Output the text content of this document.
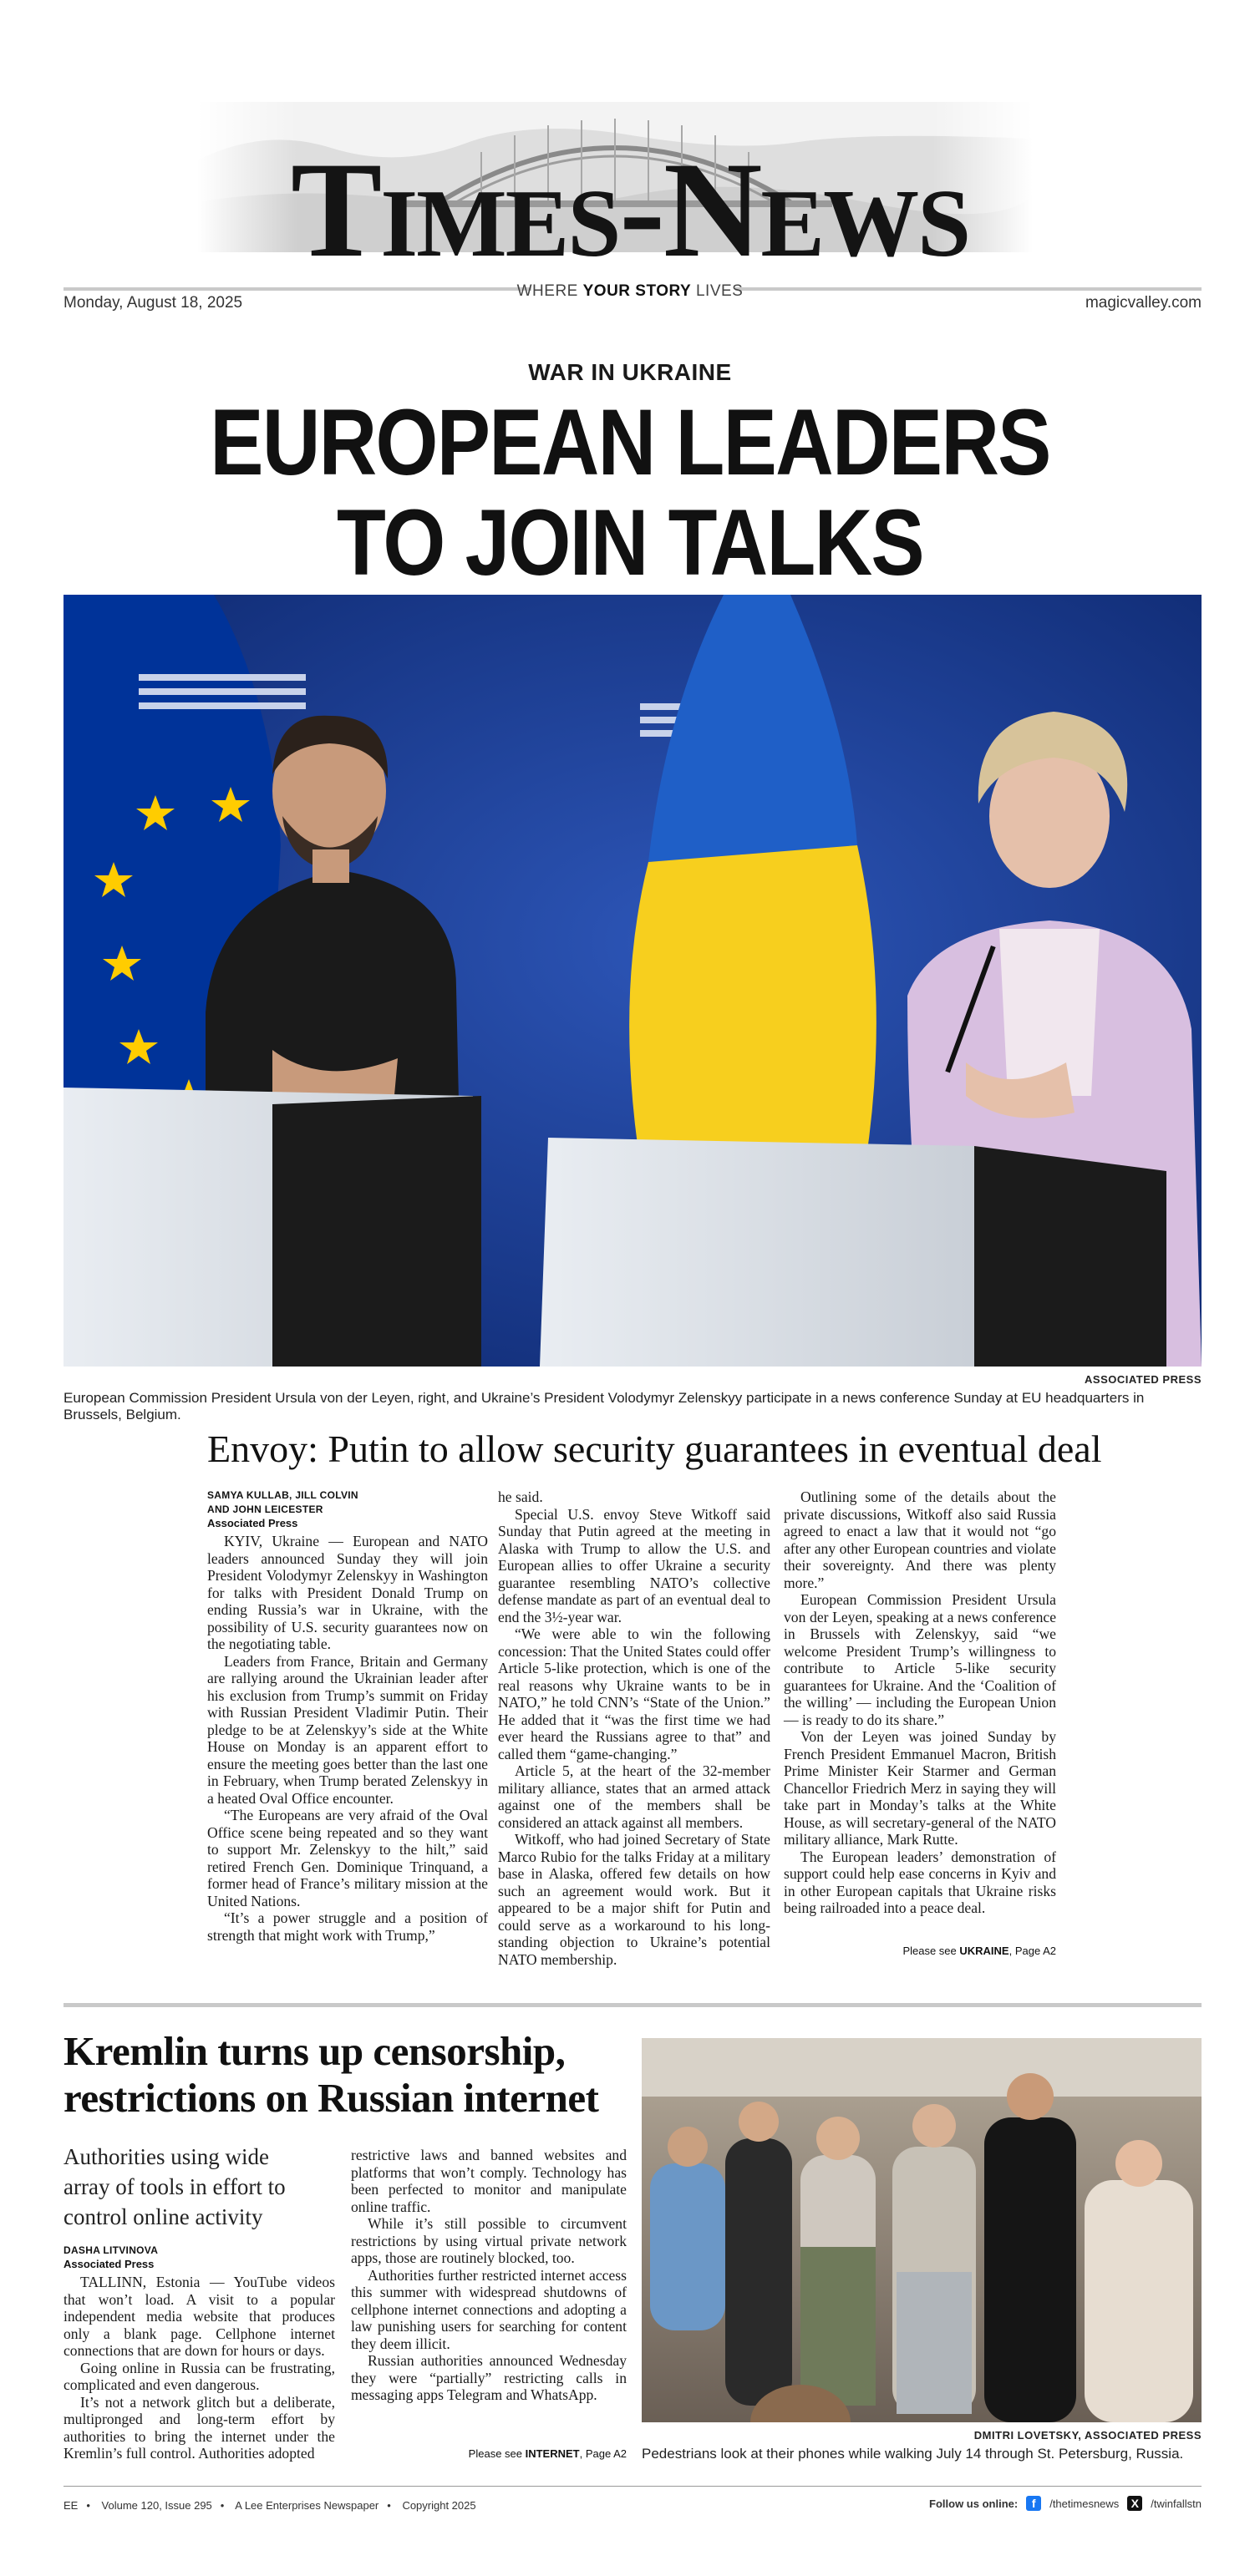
Times-News
Monday, August 18, 2025
WHERE YOUR STORY LIVES
magicvalley.com
WAR IN UKRAINE
EUROPEAN LEADERS
TO JOIN TALKS
ASSOCIATED PRESS
European Commission President Ursula von der Leyen, right, and Ukraine’s President Volodymyr Zelenskyy participate in a news conference Sunday at EU headquarters in Brussels, Belgium.
Envoy: Putin to allow security guarantees in eventual deal
SAMYA KULLAB, JILL COLVIN
AND JOHN LEICESTER
Associated Press

KYIV, Ukraine — European and NATO leaders announced Sunday they will join President Volodymyr Zelenskyy in Washington for talks with President Donald Trump on ending Russia’s war in Ukraine, with the possibility of U.S. security guarantees now on the negotiating table.

Leaders from France, Britain and Germany are rallying around the Ukrainian leader after his exclusion from Trump’s summit on Friday with Russian President Vladimir Putin. Their pledge to be at Zelenskyy’s side at the White House on Monday is an apparent effort to ensure the meeting goes better than the last one in February, when Trump berated Zelenskyy in a heated Oval Office encounter.

“The Europeans are very afraid of the Oval Office scene being repeated and so they want to support Mr. Zelenskyy to the hilt,” said retired French Gen. Dominique Trinquand, a former head of France’s military mission at the United Nations.

“It’s a power struggle and a position of strength that might work with Trump,”

he said.

Special U.S. envoy Steve Witkoff said Sunday that Putin agreed at the meeting in Alaska with Trump to allow the U.S. and European allies to offer Ukraine a security guarantee resembling NATO’s collective defense mandate as part of an eventual deal to end the 3½-year war.

“We were able to win the following concession: That the United States could offer Article 5-like protection, which is one of the real reasons why Ukraine wants to be in NATO,” he told CNN’s “State of the Union.” He added that it “was the first time we had ever heard the Russians agree to that” and called them “game-changing.”

Article 5, at the heart of the 32-member military alliance, states that an armed attack against one of the members shall be considered an attack against all members.

Witkoff, who had joined Secretary of State Marco Rubio for the talks Friday at a military base in Alaska, offered few details on how such an agreement would work. But it appeared to be a major shift for Putin and could serve as a workaround to his long-standing objection to Ukraine’s potential NATO membership.

Outlining some of the details about the private discussions, Witkoff also said Russia agreed to enact a law that it would not “go after any other European countries and violate their sovereignty. And there was plenty more.”

European Commission President Ursula von der Leyen, speaking at a news conference in Brussels with Zelenskyy, said “we welcome President Trump’s willingness to contribute to Article 5-like security guarantees for Ukraine. And the ‘Coalition of the willing’ — including the European Union — is ready to do its share.”

Von der Leyen was joined Sunday by French President Emmanuel Macron, British Prime Minister Keir Starmer and German Chancellor Friedrich Merz in saying they will take part in Monday’s talks at the White House, as will secretary-general of the NATO military alliance, Mark Rutte.

The European leaders’ demonstration of support could help ease concerns in Kyiv and in other European capitals that Ukraine risks being railroaded into a peace deal.

Please see UKRAINE, Page A2
Kremlin turns up censorship, restrictions on Russian internet
Authorities using wide array of tools in effort to control online activity
DASHA LITVINOVA
Associated Press

TALLINN, Estonia — YouTube videos that won’t load. A visit to a popular independent media website that produces only a blank page. Cellphone internet connections that are down for hours or days.

Going online in Russia can be frustrating, complicated and even dangerous.

It’s not a network glitch but a deliberate, multipronged and long-term effort by authorities to bring the internet under the Kremlin’s full control. Authorities adopted

restrictive laws and banned websites and platforms that won’t comply. Technology has been perfected to monitor and manipulate online traffic.

While it’s still possible to circumvent restrictions by using virtual private network apps, those are routinely blocked, too.

Authorities further restricted internet access this summer with widespread shutdowns of cellphone internet connections and adopting a law punishing users for searching for content they deem illicit.

Russian authorities announced Wednesday they were “partially” restricting calls in messaging apps Telegram and WhatsApp.

Please see INTERNET, Page A2
DMITRI LOVETSKY, ASSOCIATED PRESS
Pedestrians look at their phones while walking July 14 through St. Petersburg, Russia.
EE • Volume 120, Issue 295 • A Lee Enterprises Newspaper • Copyright 2025	Follow us online:	f	/thetimesnews	X	/twinfallstn
